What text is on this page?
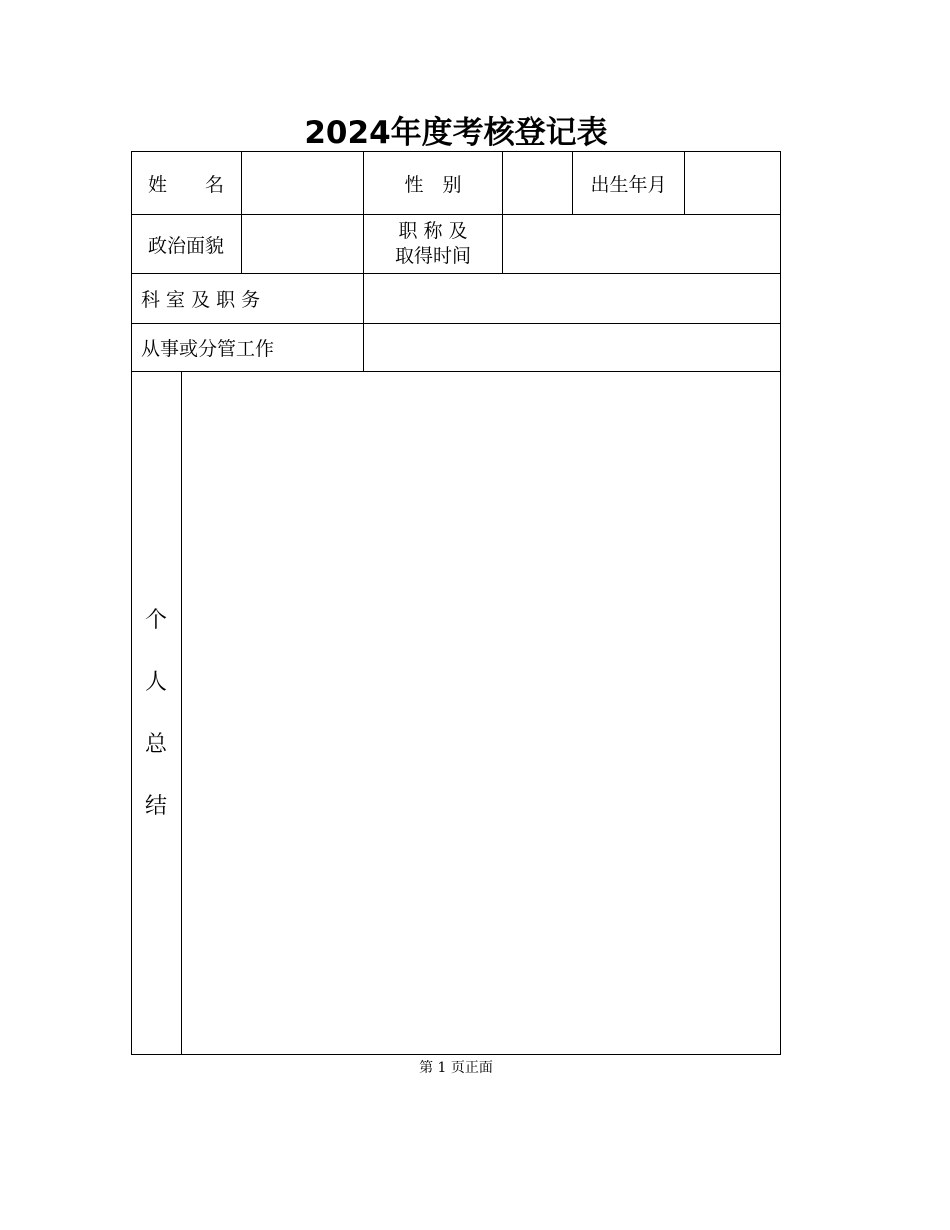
2024年度考核登记表
姓　　名	性　别	出生年月
政治面貌
职 称 及
取得时间
科 室 及 职 务
从事或分管工作
个
人
总
结
第 1 页正面
